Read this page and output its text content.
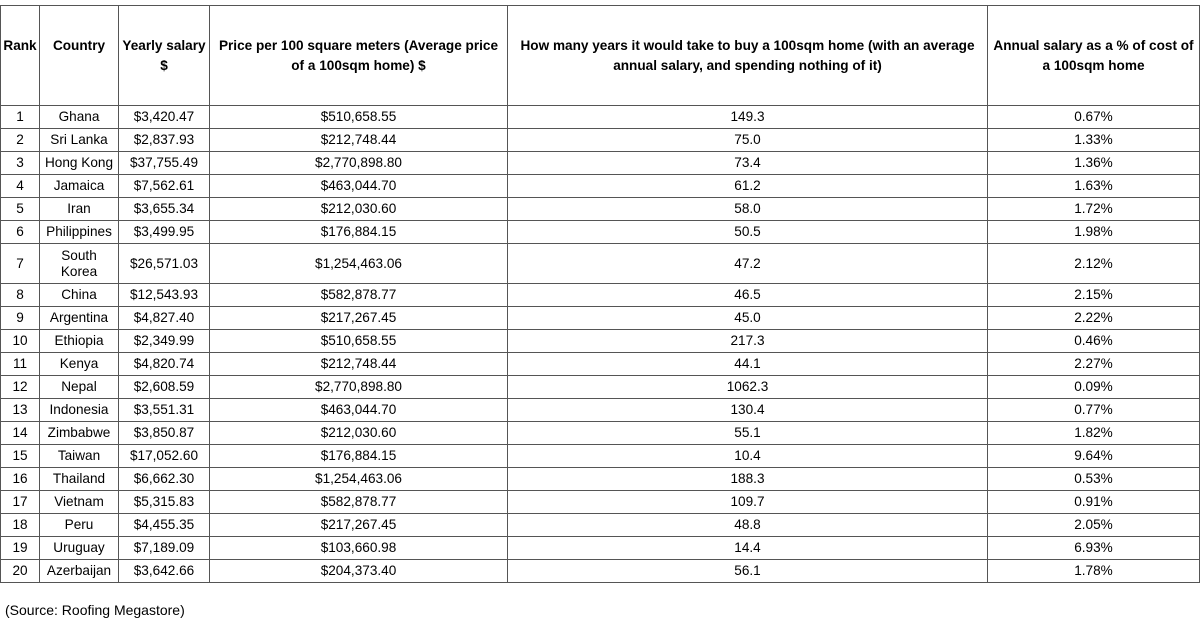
Rank	Country	Yearly salary $	Price per 100 square meters (Average price of a 100sqm home) $	How many years it would take to buy a 100sqm home (with an average annual salary, and spending nothing of it)	Annual salary as a % of cost of a 100sqm home
1	Ghana	$3,420.47	$510,658.55	149.3	0.67%
2	Sri Lanka	$2,837.93	$212,748.44	75.0	1.33%
3	Hong Kong	$37,755.49	$2,770,898.80	73.4	1.36%
4	Jamaica	$7,562.61	$463,044.70	61.2	1.63%
5	Iran	$3,655.34	$212,030.60	58.0	1.72%
6	Philippines	$3,499.95	$176,884.15	50.5	1.98%
7	South Korea	$26,571.03	$1,254,463.06	47.2	2.12%
8	China	$12,543.93	$582,878.77	46.5	2.15%
9	Argentina	$4,827.40	$217,267.45	45.0	2.22%
10	Ethiopia	$2,349.99	$510,658.55	217.3	0.46%
11	Kenya	$4,820.74	$212,748.44	44.1	2.27%
12	Nepal	$2,608.59	$2,770,898.80	1062.3	0.09%
13	Indonesia	$3,551.31	$463,044.70	130.4	0.77%
14	Zimbabwe	$3,850.87	$212,030.60	55.1	1.82%
15	Taiwan	$17,052.60	$176,884.15	10.4	9.64%
16	Thailand	$6,662.30	$1,254,463.06	188.3	0.53%
17	Vietnam	$5,315.83	$582,878.77	109.7	0.91%
18	Peru	$4,455.35	$217,267.45	48.8	2.05%
19	Uruguay	$7,189.09	$103,660.98	14.4	6.93%
20	Azerbaijan	$3,642.66	$204,373.40	56.1	1.78%
(Source: Roofing Megastore)
